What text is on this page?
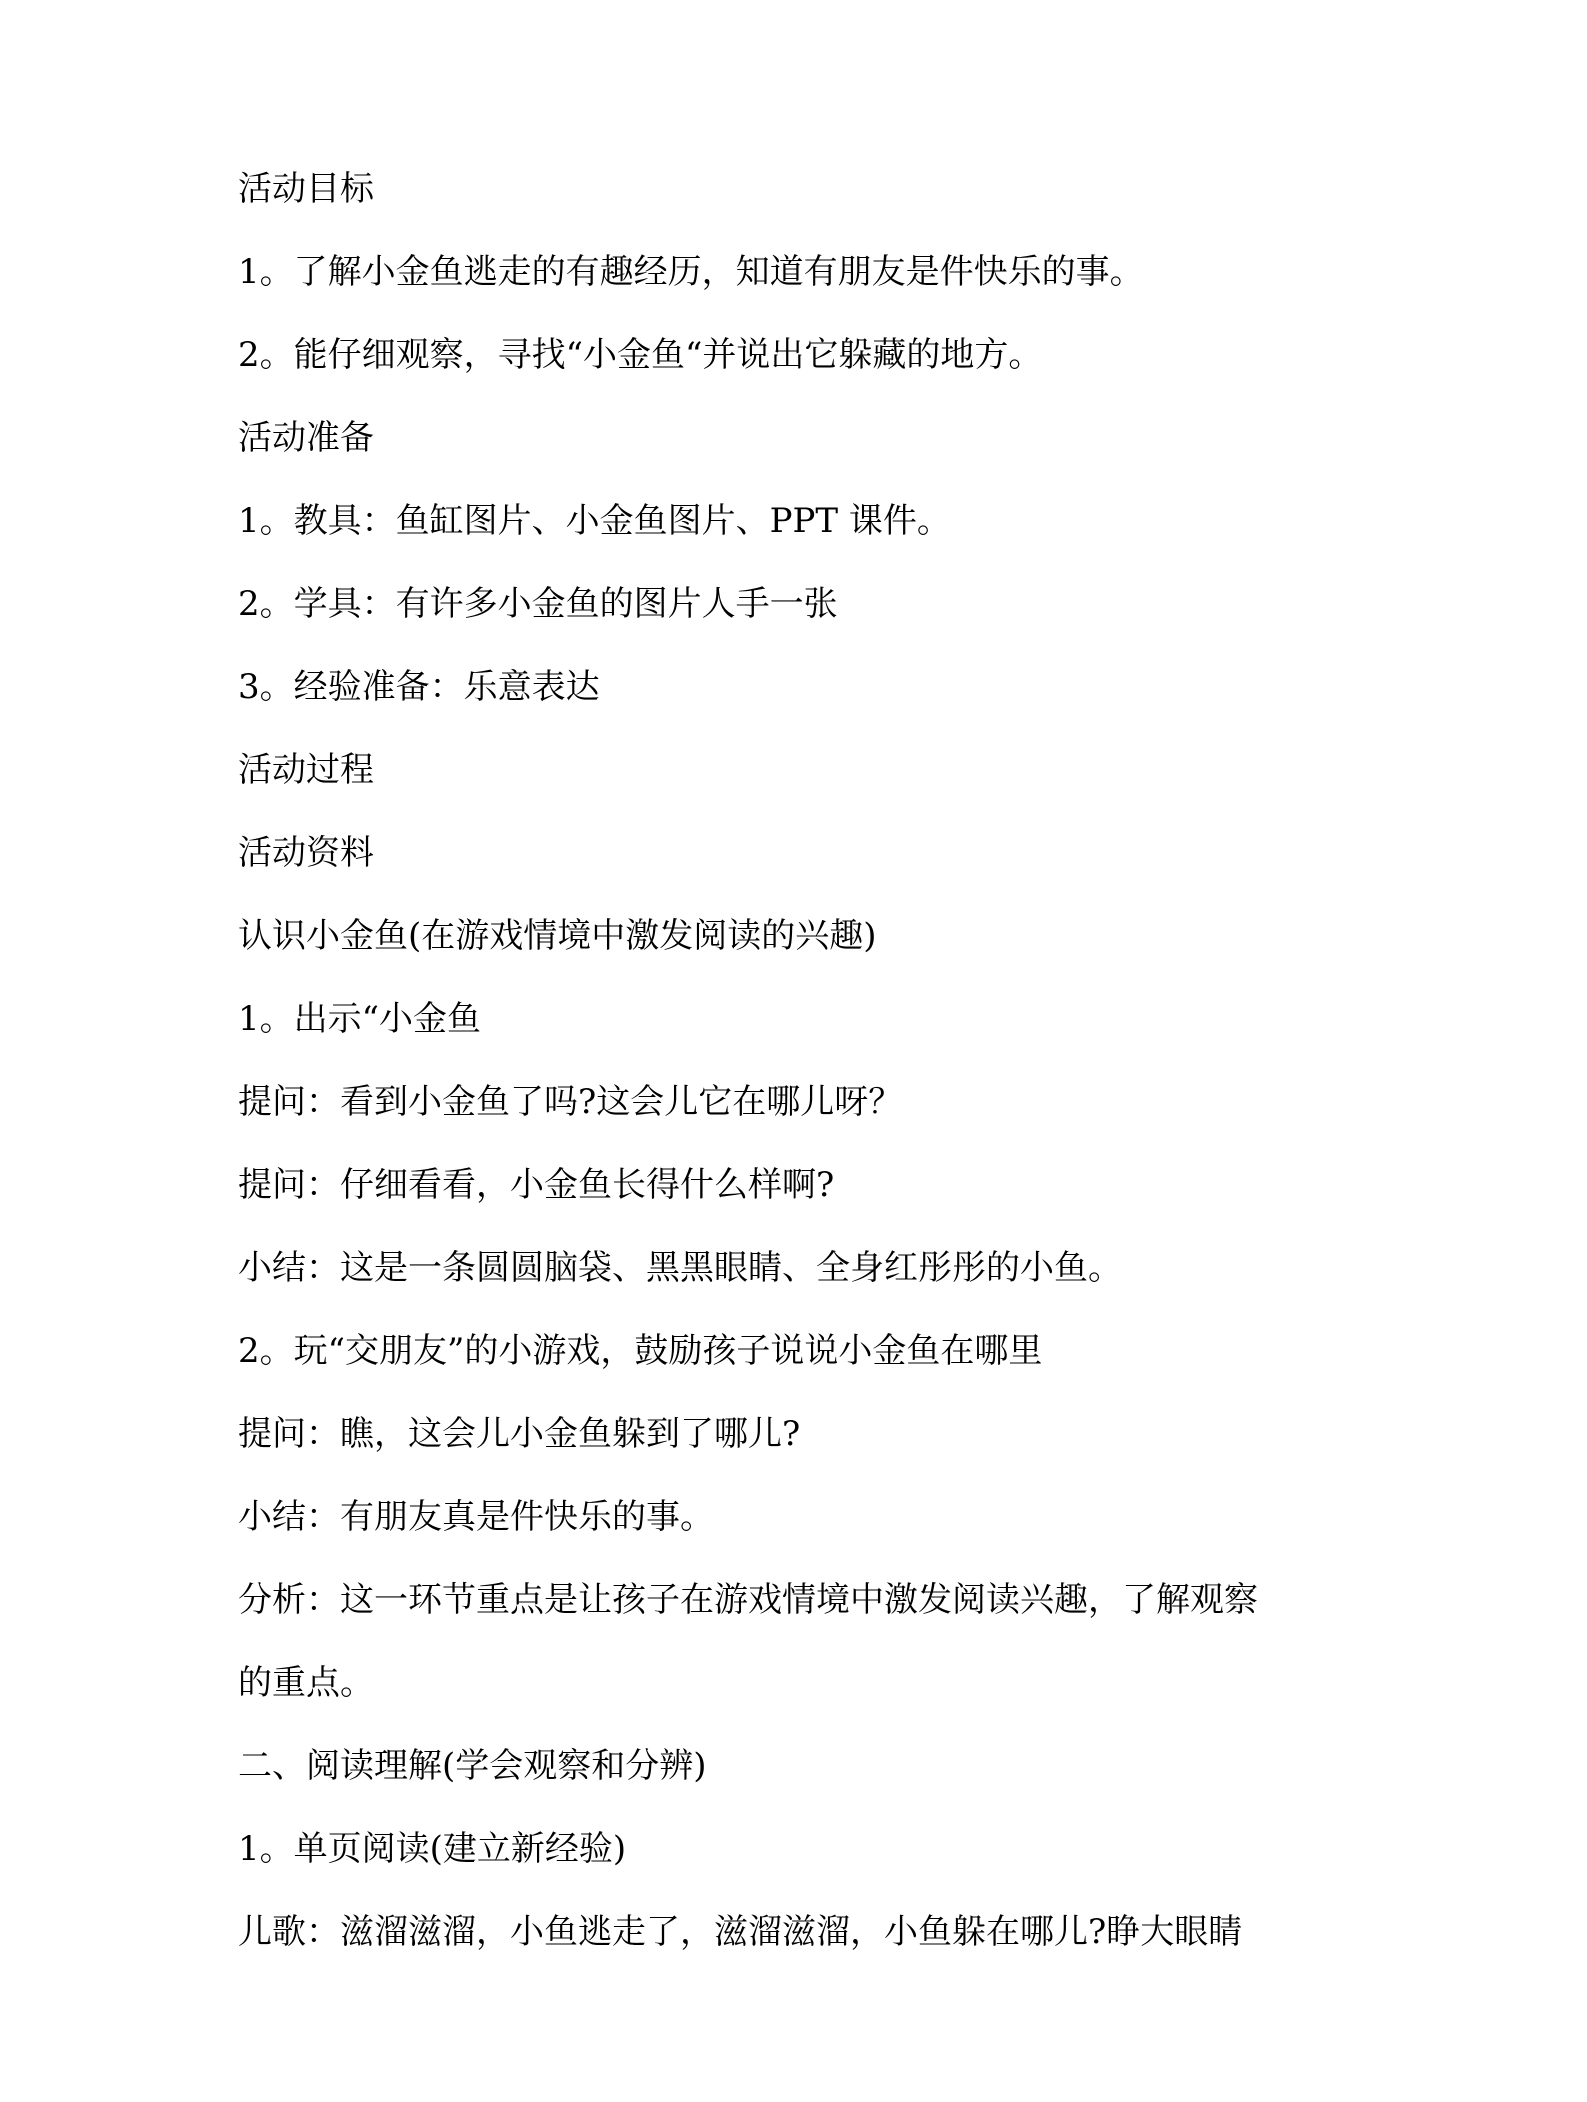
活动目标
1。了解小金鱼逃走的有趣经历，知道有朋友是件快乐的事。
2。能仔细观察，寻找“小金鱼“并说出它躲藏的地方。
活动准备
1。教具：鱼缸图片、小金鱼图片、PPT 课件。
2。学具：有许多小金鱼的图片人手一张
3。经验准备：乐意表达
活动过程
活动资料
认识小金鱼(在游戏情境中激发阅读的兴趣)
1。出示“小金鱼
提问：看到小金鱼了吗?这会儿它在哪儿呀？
提问：仔细看看，小金鱼长得什么样啊?
小结：这是一条圆圆脑袋、黑黑眼睛、全身红彤彤的小鱼。
2。玩“交朋友”的小游戏，鼓励孩子说说小金鱼在哪里
提问：瞧，这会儿小金鱼躲到了哪儿?
小结：有朋友真是件快乐的事。
分析：这一环节重点是让孩子在游戏情境中激发阅读兴趣，了解观察
的重点。
二、阅读理解(学会观察和分辨)
1。单页阅读(建立新经验)
儿歌：滋溜滋溜，小鱼逃走了，滋溜滋溜，小鱼躲在哪儿?睁大眼睛
